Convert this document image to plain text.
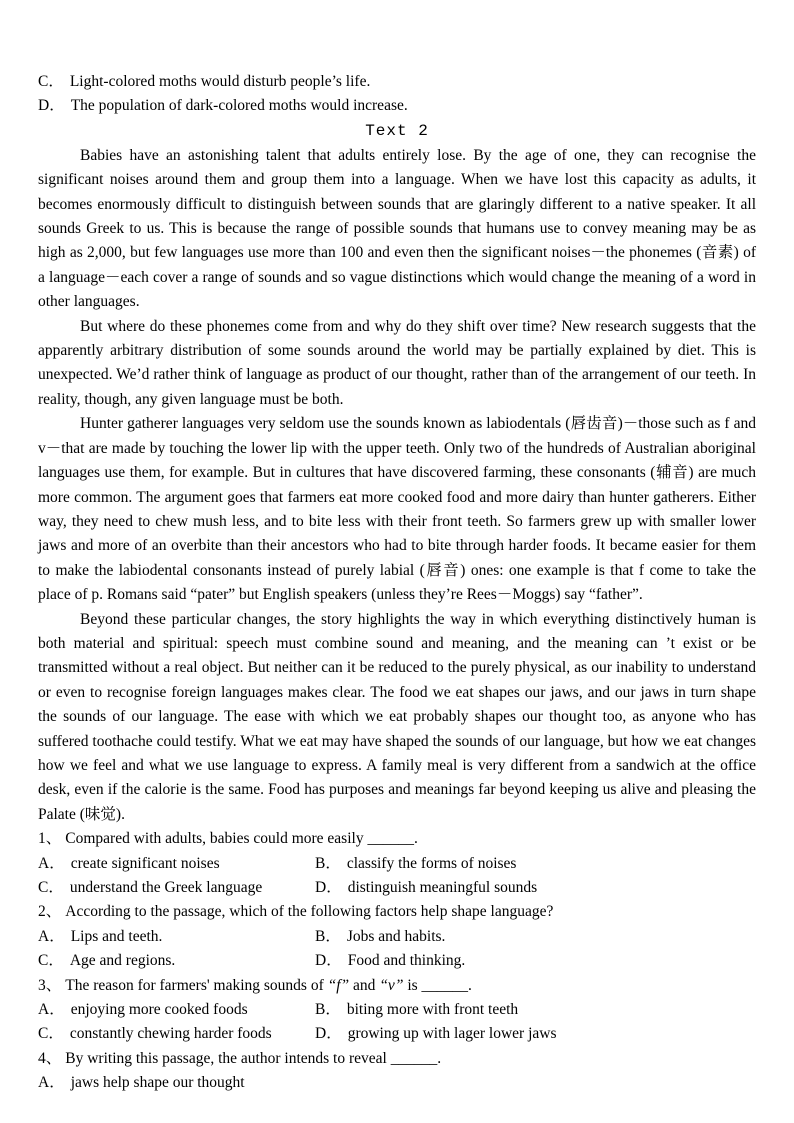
C． Light-colored moths would disturb people’s life.
D． The population of dark-colored moths would increase.
Text 2

Babies have an astonishing talent that adults entirely lose. By the age of one, they can recognise the significant noises around them and group them into a language. When we have lost this capacity as adults, it becomes enormously difficult to distinguish between sounds that are glaringly different to a native speaker. It all sounds Greek to us. This is because the range of possible sounds that humans use to convey meaning may be as high as 2,000, but few languages use more than 100 and even then the significant noises－the phonemes (音素) of a language－each cover a range of sounds and so vague distinctions which would change the meaning of a word in other languages.

But where do these phonemes come from and why do they shift over time? New research suggests that the apparently arbitrary distribution of some sounds around the world may be partially explained by diet. This is unexpected. We’d rather think of language as product of our thought, rather than of the arrangement of our teeth. In reality, though, any given language must be both.

Hunter gatherer languages very seldom use the sounds known as labiodentals (唇齿音)－those such as f and v－that are made by touching the lower lip with the upper teeth. Only two of the hundreds of Australian aboriginal languages use them, for example. But in cultures that have discovered farming, these consonants (辅音) are much more common. The argument goes that farmers eat more cooked food and more dairy than hunter gatherers. Either way, they need to chew mush less, and to bite less with their front teeth. So farmers grew up with smaller lower jaws and more of an overbite than their ancestors who had to bite through harder foods. It became easier for them to make the labiodental consonants instead of purely labial (唇音) ones: one example is that f come to take the place of p. Romans said “pater” but English speakers (unless they’re Rees－Moggs) say “father”.

Beyond these particular changes, the story highlights the way in which everything distinctively human is both material and spiritual: speech must combine sound and meaning, and the meaning can ’t exist or be transmitted without a real object. But neither can it be reduced to the purely physical, as our inability to understand or even to recognise foreign languages makes clear. The food we eat shapes our jaws, and our jaws in turn shape the sounds of our language. The ease with which we eat probably shapes our thought too, as anyone who has suffered toothache could testify. What we eat may have shaped the sounds of our language, but how we eat changes how we feel and what we use language to express. A family meal is very different from a sandwich at the office desk, even if the calorie is the same. Food has purposes and meanings far beyond keeping us alive and pleasing the Palate (味觉).

1、 Compared with adults, babies could more easily ______.
A． create significant noises	B． classify the forms of noises
C． understand the Greek language	D． distinguish meaningful sounds
2、 According to the passage, which of the following factors help shape language?
A． Lips and teeth.	B． Jobs and habits.
C． Age and regions.	D． Food and thinking.
3、 The reason for farmers' making sounds of “f” and “v” is ______.
A． enjoying more cooked foods	B． biting more with front teeth
C． constantly chewing harder foods	D． growing up with lager lower jaws
4、 By writing this passage, the author intends to reveal ______.
A． jaws help shape our thought
